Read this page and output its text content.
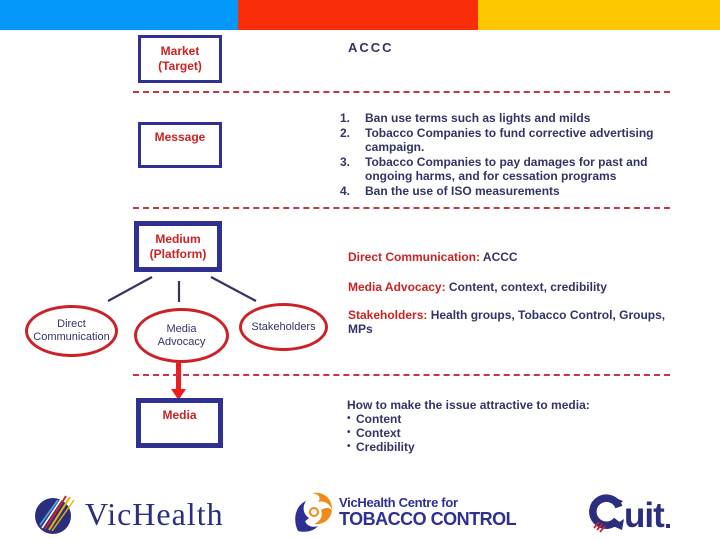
Market
(Target)
ACCC
Message
1.	Ban use terms such as lights and milds
2.	Tobacco Companies to fund corrective advertising campaign.
3.	Tobacco Companies to pay damages for past and ongoing harms, and for cessation programs
4.	Ban the use of ISO measurements
Medium
(Platform)
Direct
Communication
Media
Advocacy
Stakeholders
Direct Communication: ACCC
Media Advocacy: Content, context, credibility
Stakeholders: Health groups, Tobacco Control, Groups, MPs
Media
How to make the issue attractive to media:
• Content
• Context
• Credibility
VicHealth	VicHealth Centre for
TOBACCO CONTROL	uit
